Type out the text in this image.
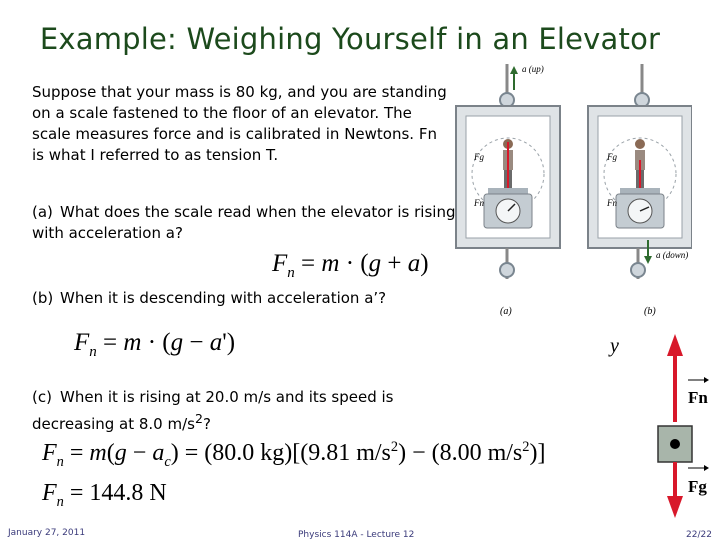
Example: Weighing Yourself in an Elevator
Suppose that your mass is 80 kg, and you are standing on a scale fastened to the floor of an elevator. The scale measures force and is calibrated in Newtons. Fn is what I referred to as tension T.
(a) What does the scale read when the elevator is rising with acceleration a?
$F_n = m \cdot (g + a)$
(b) When it is descending with acceleration a’?
$F_n = m \cdot (g - a')$
(c) When it is rising at 20.0 m/s and its speed is decreasing at 8.0 $m/s^2$?
$F_n = m(g - a_c) = (80.0$ kg)[(9.81 $m/s^2) - (8.00$ $m/s^2$)]
$F_n = 144.8$ N
Fg	Fg
Fn	Fn
a (up)
a (down)
(a)	(b)
y
Fn
Fg
January 27, 2011	Physics 114A - Lecture 12	22/22
